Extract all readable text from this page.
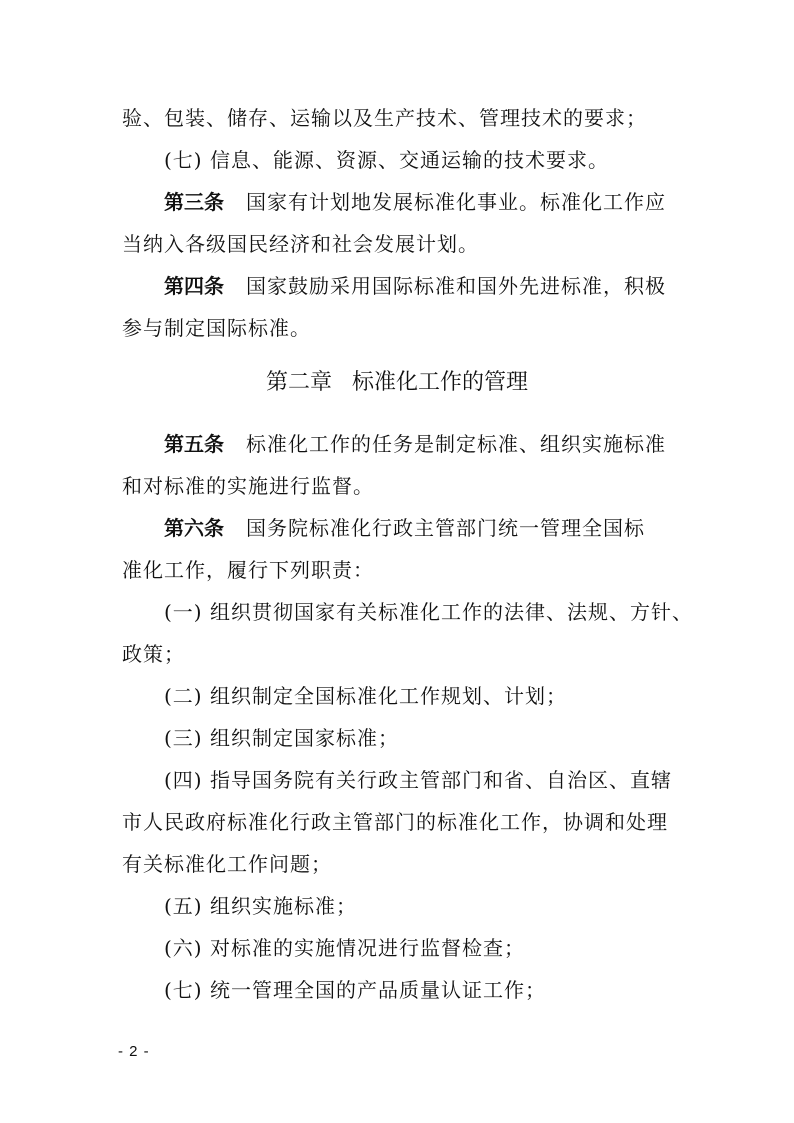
验、包装、储存、运输以及生产技术、管理技术的要求；
(七) 信息、能源、资源、交通运输的技术要求。
第三条 国家有计划地发展标准化事业。标准化工作应
当纳入各级国民经济和社会发展计划。
第四条 国家鼓励采用国际标准和国外先进标准，积极
参与制定国际标准。
第二章 标准化工作的管理
第五条 标准化工作的任务是制定标准、组织实施标准
和对标准的实施进行监督。
第六条 国务院标准化行政主管部门统一管理全国标
准化工作，履行下列职责：
(一) 组织贯彻国家有关标准化工作的法律、法规、方针、
政策；
(二) 组织制定全国标准化工作规划、计划；
(三) 组织制定国家标准；
(四) 指导国务院有关行政主管部门和省、自治区、直辖
市人民政府标准化行政主管部门的标准化工作，协调和处理
有关标准化工作问题；
(五) 组织实施标准；
(六) 对标准的实施情况进行监督检查；
(七) 统一管理全国的产品质量认证工作；
- 2 -
